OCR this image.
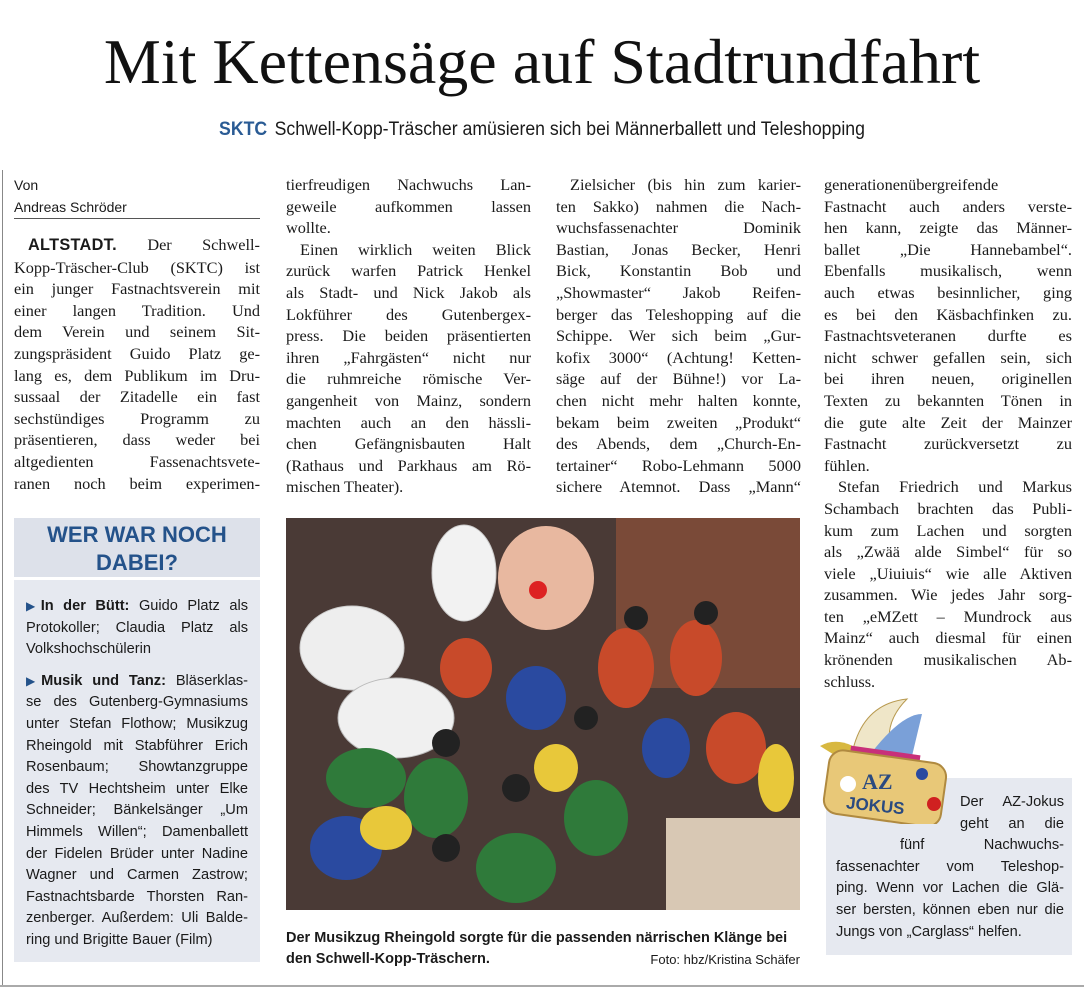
Mit Kettensäge auf Stadtrundfahrt
SKTC Schwell-Kopp-Träscher amüsieren sich bei Männerballett und Teleshopping
Von
Andreas Schröder
ALTSTADT. Der Schwell-
Kopp-Träscher-Club (SKTC) ist
ein junger Fastnachtsverein mit
einer langen Tradition. Und
dem Verein und seinem Sit-
zungspräsident Guido Platz ge-
lang es, dem Publikum im Dru-
sussaal der Zitadelle ein fast
sechstündiges Programm zu
präsentieren, dass weder bei
altgedienten Fassenachtsvete-
ranen noch beim experimen-
tierfreudigen Nachwuchs Lan-
geweile aufkommen lassen
wollte.
Einen wirklich weiten Blick
zurück warfen Patrick Henkel
als Stadt- und Nick Jakob als
Lokführer des Gutenbergex-
press. Die beiden präsentierten
ihren „Fahrgästen“ nicht nur
die ruhmreiche römische Ver-
gangenheit von Mainz, sondern
machten auch an den hässli-
chen Gefängnisbauten Halt
(Rathaus und Parkhaus am Rö-
mischen Theater).
Zielsicher (bis hin zum karier-
ten Sakko) nahmen die Nach-
wuchsfassenachter Dominik
Bastian, Jonas Becker, Henri
Bick, Konstantin Bob und
„Showmaster“ Jakob Reifen-
berger das Teleshopping auf die
Schippe. Wer sich beim „Gur-
kofix 3000“ (Achtung! Ketten-
säge auf der Bühne!) vor La-
chen nicht mehr halten konnte,
bekam beim zweiten „Produkt“
des Abends, dem „Church-En-
tertainer“ Robo-Lehmann 5000
sichere Atemnot. Dass „Mann“
generationenübergreifende
Fastnacht auch anders verste-
hen kann, zeigte das Männer-
ballet „Die Hannebambel“.
Ebenfalls musikalisch, wenn
auch etwas besinnlicher, ging
es bei den Käsbachfinken zu.
Fastnachtsveteranen durfte es
nicht schwer gefallen sein, sich
bei ihren neuen, originellen
Texten zu bekannten Tönen in
die gute alte Zeit der Mainzer
Fastnacht zurückversetzt zu
fühlen.
Stefan Friedrich und Markus
Schambach brachten das Publi-
kum zum Lachen und sorgten
als „Zwää alde Simbel“ für so
viele „Uiuiuis“ wie alle Aktiven
zusammen. Wie jedes Jahr sorg-
ten „eMZett – Mundrock aus
Mainz“ auch diesmal für einen
krönenden musikalischen Ab-
schluss.
WER WAR NOCH DABEI?
▶In der Bütt: Guido Platz als
Protokoller; Claudia Platz als
Volkshochschülerin
▶Musik und Tanz: Bläserklas-
se des Gutenberg-Gymnasiums
unter Stefan Flothow; Musikzug
Rheingold mit Stabführer Erich
Rosenbaum; Showtanzgruppe
des TV Hechtsheim unter Elke
Schneider; Bänkelsänger „Um
Himmels Willen“; Damenballett
der Fidelen Brüder unter Nadine
Wagner und Carmen Zastrow;
Fastnachtsbarde Thorsten Ran-
zenberger. Außerdem: Uli Balde-
ring und Brigitte Bauer (Film)	Der Musikzug Rheingold sorgte für die passenden närrischen Klänge bei den Schwell-Kopp-Träschern.	Foto: hbz/Kristina Schäfer
AZ
JOKUS	Der AZ-Jokus
geht an die
fünf Nachwuchs-
fassenachter vom Teleshop-
ping. Wenn vor Lachen die Glä-
ser bersten, können eben nur die
Jungs von „Carglass“ helfen.
